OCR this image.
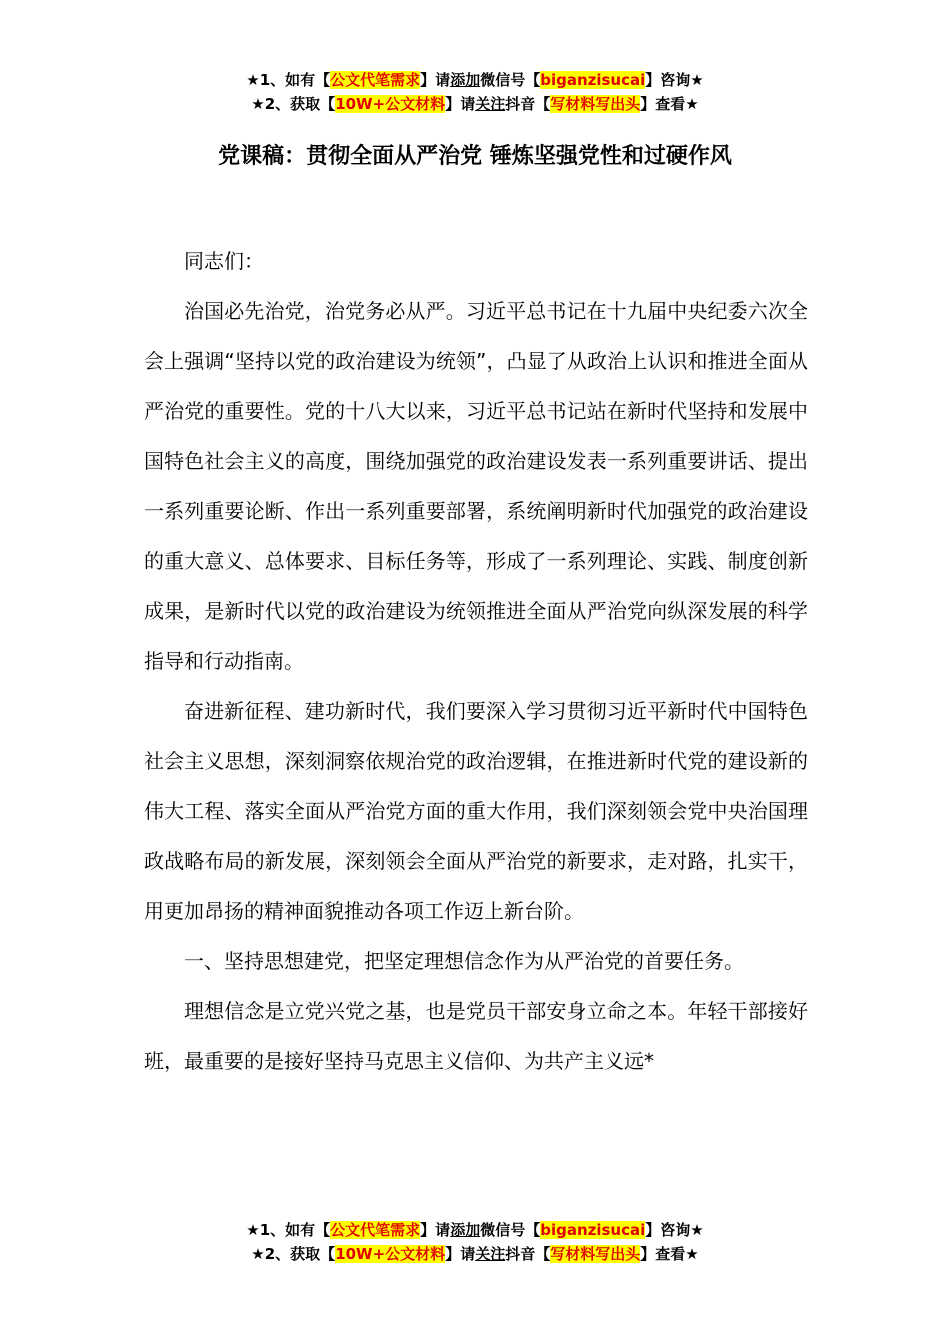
★1、如有【公文代笔需求】请添加微信号【biganzisucai】咨询★
★2、获取【10W+公文材料】请关注抖音【写材料写出头】查看★
党课稿：贯彻全面从严治党 锤炼坚强党性和过硬作风

同志们：

治国必先治党，治党务必从严。习近平总书记在十九届中央纪委六次全会上强调“坚持以党的政治建设为统领”，凸显了从政治上认识和推进全面从严治党的重要性。党的十八大以来，习近平总书记站在新时代坚持和发展中国特色社会主义的高度，围绕加强党的政治建设发表一系列重要讲话、提出一系列重要论断、作出一系列重要部署，系统阐明新时代加强党的政治建设的重大意义、总体要求、目标任务等，形成了一系列理论、实践、制度创新成果，是新时代以党的政治建设为统领推进全面从严治党向纵深发展的科学指导和行动指南。

奋进新征程、建功新时代，我们要深入学习贯彻习近平新时代中国特色社会主义思想，深刻洞察依规治党的政治逻辑，在推进新时代党的建设新的伟大工程、落实全面从严治党方面的重大作用，我们深刻领会党中央治国理政战略布局的新发展，深刻领会全面从严治党的新要求，走对路，扎实干，用更加昂扬的精神面貌推动各项工作迈上新台阶。

一、坚持思想建党，把坚定理想信念作为从严治党的首要任务。

理想信念是立党兴党之基，也是党员干部安身立命之本。年轻干部接好班，最重要的是接好坚持马克思主义信仰、为共产主义远*

★1、如有【公文代笔需求】请添加微信号【biganzisucai】咨询★
★2、获取【10W+公文材料】请关注抖音【写材料写出头】查看★
